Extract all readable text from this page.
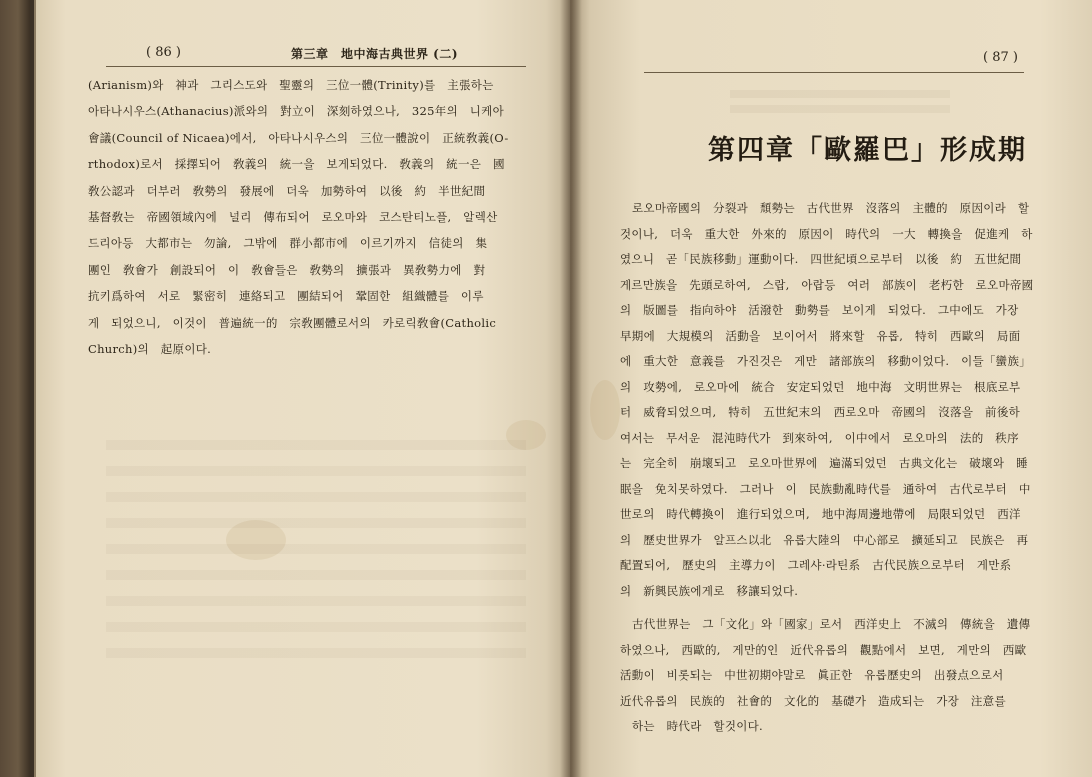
( 86 )	第三章　地中海古典世界 (二)
(Arianism)와　神과　그리스도와　聖靈의　三位一體(Trinity)를　主張하는
아타나시우스(Athanacius)派와의　對立이　深刻하였으나,　325年의　니케아
會議(Council of Nicaea)에서,　아타나시우스의　三位一體說이　正統敎義(O-
rthodox)로서　採擇되어　敎義의　統一을　보게되었다.　敎義의　統一은　國
敎公認과　더부러　敎勢의　發展에　더욱　加勢하여　以後　約　半世紀間
基督敎는　帝國領域內에　널리　傳布되어　로오마와　코스탄티노플,　알렉산
드리아등　大都市는　勿論,　그밖에　群小都市에　이르기까지　信徒의　集
團인　敎會가　創設되어　이　敎會들은　敎勢의　擴張과　異敎勢力에　對
抗키爲하여　서로　緊密히　連絡되고　團結되어　鞏固한　組織體를　이루
게　되었으니,　이것이　普遍統一的　宗敎團體로서의　카로릭敎會(Catholic
Church)의　起原이다.
( 87 )
第四章「歐羅巴」形成期
로오마帝國의　分裂과　頹勢는　古代世界　沒落의　主體的　原因이라　할
것이나,　더욱　重大한　外來的　原因이　時代의　一大　轉換을　促進케　하
였으니　곧「民族移動」運動이다.　四世紀頃으로부터　以後　約　五世紀間
게르만族을　先頭로하여,　스랍,　아랍등　여러　部族이　老朽한　로오마帝國
의　版圖를　指向하야　活潑한　動勢를　보이게　되었다.　그中에도　가장
早期에　大規模의　活動을　보이어서　將來할　유롭,　特히　西歐의　局面
에　重大한　意義를　가진것은　게만　諸部族의　移動이었다.　이들「蠻族」
의　攻勢에,　로오마에　統合　安定되었던　地中海　文明世界는　根底로부
터　威脅되었으며,　特히　五世紀末의　西로오마　帝國의　沒落을　前後하
여서는　무서운　混沌時代가　到來하여,　이中에서　로오마의　法的　秩序
는　完全히　崩壞되고　로오마世界에　遍滿되었던　古典文化는　破壞와　睡
眠을　免치못하였다.　그러나　이　民族動亂時代를　通하여　古代로부터　中
世로의　時代轉換이　進行되었으며,　地中海周邊地帶에　局限되었던　西洋
의　歷史世界가　알프스以北　유롭大陸의　中心部로　擴延되고　民族은　再
配置되어,　歷史의　主導力이　그레샤·라틴系　古代民族으로부터　게만系
의　新興民族에게로　移讓되었다.
古代世界는　그「文化」와「國家」로서　西洋史上　不滅의　傳統을　遺傳
하였으나,　西歐的,　게만的인　近代유롭의　觀點에서　보면,　게만의　西歐
活動이　비롯되는　中世初期야말로　眞正한　유롭歷史의　出發点으로서
近代유롭의　民族的　社會的　文化的　基礎가　造成되는　가장　注意를
하는　時代라　할것이다.
